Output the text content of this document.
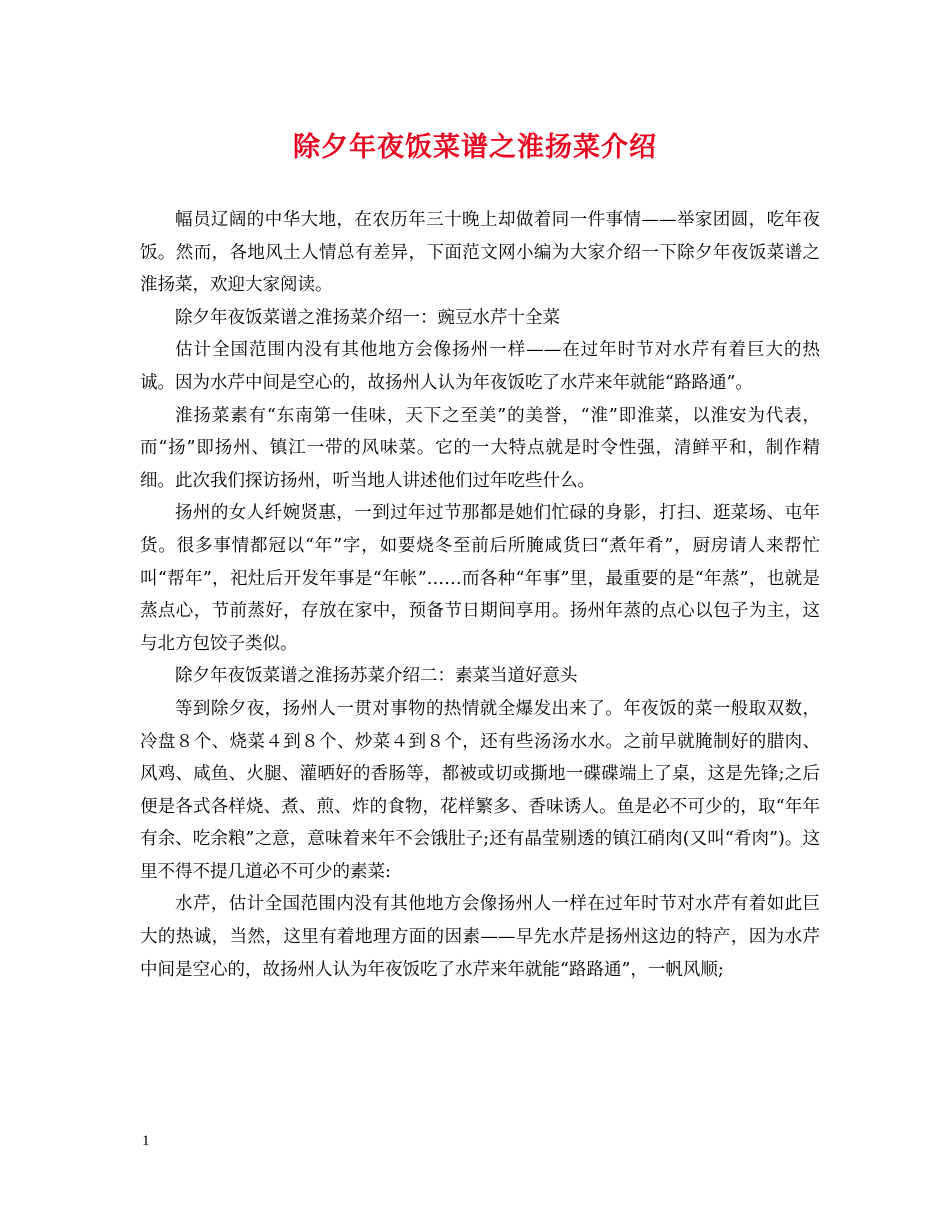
除夕年夜饭菜谱之淮扬菜介绍

幅员辽阔的中华大地，在农历年三十晚上却做着同一件事情——举家团圆，吃年夜饭。然而，各地风土人情总有差异，下面范文网小编为大家介绍一下除夕年夜饭菜谱之淮扬菜，欢迎大家阅读。

除夕年夜饭菜谱之淮扬菜介绍一：豌豆水芹十全菜

估计全国范围内没有其他地方会像扬州一样——在过年时节对水芹有着巨大的热诚。因为水芹中间是空心的，故扬州人认为年夜饭吃了水芹来年就能“路路通”。

淮扬菜素有“东南第一佳味，天下之至美”的美誉，“淮”即淮菜，以淮安为代表，而“扬”即扬州、镇江一带的风味菜。它的一大特点就是时令性强，清鲜平和，制作精细。此次我们探访扬州，听当地人讲述他们过年吃些什么。

扬州的女人纤婉贤惠，一到过年过节那都是她们忙碌的身影，打扫、逛菜场、屯年货。很多事情都冠以“年”字，如要烧冬至前后所腌咸货曰“煮年肴”，厨房请人来帮忙叫“帮年”，祀灶后开发年事是“年帐”……而各种“年事”里，最重要的是“年蒸”，也就是蒸点心，节前蒸好，存放在家中，预备节日期间享用。扬州年蒸的点心以包子为主，这与北方包饺子类似。

除夕年夜饭菜谱之淮扬苏菜介绍二：素菜当道好意头

等到除夕夜，扬州人一贯对事物的热情就全爆发出来了。年夜饭的菜一般取双数，冷盘８个、烧菜４到８个、炒菜４到８个，还有些汤汤水水。之前早就腌制好的腊肉、风鸡、咸鱼、火腿、灌晒好的香肠等，都被或切或撕地一碟碟端上了桌，这是先锋;之后便是各式各样烧、煮、煎、炸的食物，花样繁多、香味诱人。鱼是必不可少的，取“年年有余、吃余粮”之意，意味着来年不会饿肚子;还有晶莹剔透的镇江硝肉(又叫“肴肉”)。这里不得不提几道必不可少的素菜:

水芹，估计全国范围内没有其他地方会像扬州人一样在过年时节对水芹有着如此巨大的热诚，当然，这里有着地理方面的因素——早先水芹是扬州这边的特产，因为水芹中间是空心的，故扬州人认为年夜饭吃了水芹来年就能“路路通”，一帆风顺;

1
